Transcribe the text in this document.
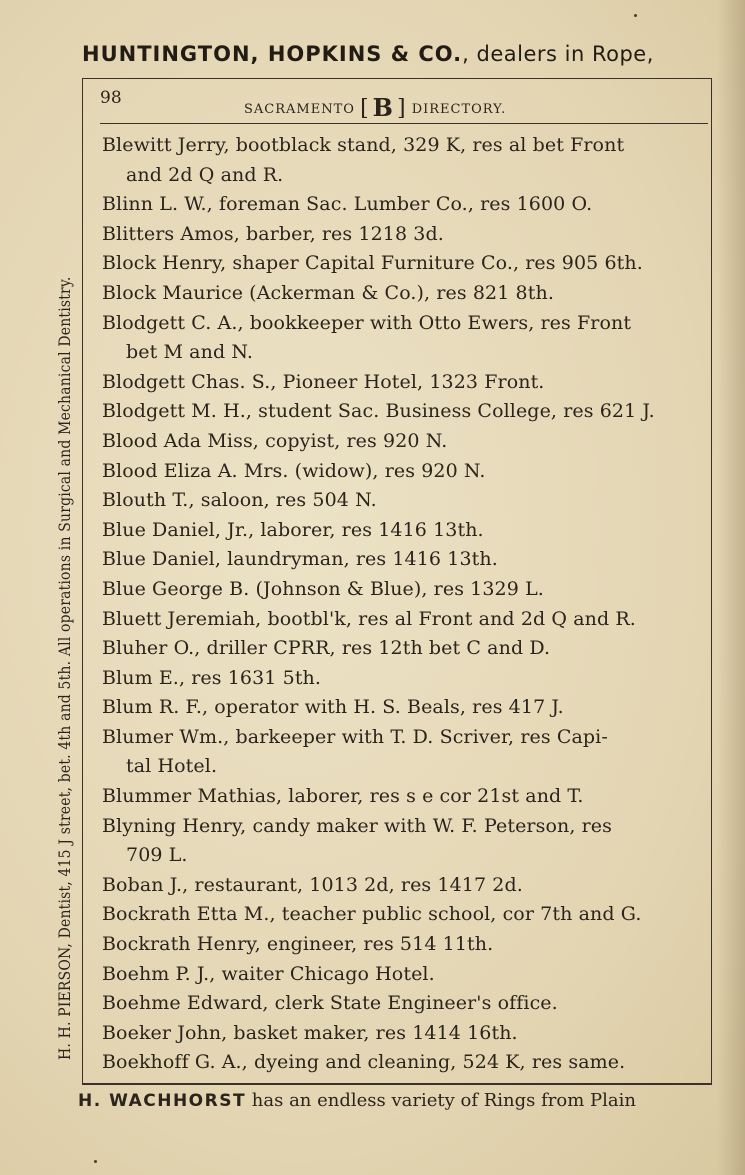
HUNTINGTON, HOPKINS & CO., dealers in Rope,
H. H. PIERSON, Dentist, 415 J street, bet. 4th and 5th. All operations in Surgical and Mechanical Dentistry.
98
SACRAMENTO [ B ] DIRECTORY.
Blewitt Jerry, bootblack stand, 329 K, res al bet Front
and 2d Q and R.
Blinn L. W., foreman Sac. Lumber Co., res 1600 O.
Blitters Amos, barber, res 1218 3d.
Block Henry, shaper Capital Furniture Co., res 905 6th.
Block Maurice (Ackerman & Co.), res 821 8th.
Blodgett C. A., bookkeeper with Otto Ewers, res Front
bet M and N.
Blodgett Chas. S., Pioneer Hotel, 1323 Front.
Blodgett M. H., student Sac. Business College, res 621 J.
Blood Ada Miss, copyist, res 920 N.
Blood Eliza A. Mrs. (widow), res 920 N.
Blouth T., saloon, res 504 N.
Blue Daniel, Jr., laborer, res 1416 13th.
Blue Daniel, laundryman, res 1416 13th.
Blue George B. (Johnson & Blue), res 1329 L.
Bluett Jeremiah, bootbl'k, res al Front and 2d Q and R.
Bluher O., driller CPRR, res 12th bet C and D.
Blum E., res 1631 5th.
Blum R. F., operator with H. S. Beals, res 417 J.
Blumer Wm., barkeeper with T. D. Scriver, res Capi-
tal Hotel.
Blummer Mathias, laborer, res s e cor 21st and T.
Blyning Henry, candy maker with W. F. Peterson, res
709 L.
Boban J., restaurant, 1013 2d, res 1417 2d.
Bockrath Etta M., teacher public school, cor 7th and G.
Bockrath Henry, engineer, res 514 11th.
Boehm P. J., waiter Chicago Hotel.
Boehme Edward, clerk State Engineer's office.
Boeker John, basket maker, res 1414 16th.
Boekhoff G. A., dyeing and cleaning, 524 K, res same.
H. WACHHORST has an endless variety of Rings from Plain
